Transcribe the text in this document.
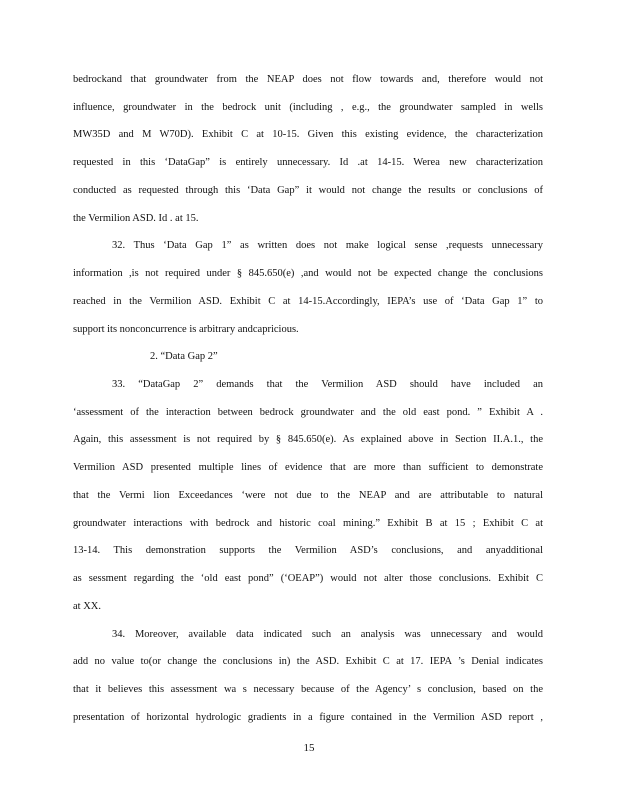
bedrockand that groundwater from the NEAP does not flow towards and, therefore would not
influence, groundwater in the bedrock unit (including , e.g., the groundwater sampled in wells
MW35D and M W70D). Exhibit C at 10-15. Given this existing evidence, the characterization
requested in this ‘DataGap” is entirely unnecessary. Id .at 14-15. Werea new characterization
conducted as requested through this ‘Data Gap” it would not change the results or conclusions of
the Vermilion ASD. Id . at 15.
32. Thus ‘Data Gap 1” as written does not make logical sense ,requests unnecessary
information ,is not required under § 845.650(e) ,and would not be expected change the conclusions
reached in the Vermilion ASD. Exhibit C at 14-15.Accordingly, IEPA’s use of ‘Data Gap 1” to
support its nonconcurrence is arbitrary andcapricious.
2. “Data Gap 2”
33. “DataGap 2” demands that the Vermilion ASD should have included an
‘assessment of the interaction between bedrock groundwater and the old east pond. ” Exhibit A .
Again, this assessment is not required by § 845.650(e). As explained above in Section II.A.1., the
Vermilion ASD presented multiple lines of evidence that are more than sufficient to demonstrate
that the Vermi lion Exceedances ‘were not due to the NEAP and are attributable to natural
groundwater interactions with bedrock and historic coal mining.” Exhibit B at 15 ; Exhibit C at
13-14. This demonstration supports the Vermilion ASD’s conclusions, and anyadditional
as sessment regarding the ‘old east pond” (‘OEAP”) would not alter those conclusions. Exhibit C
at XX.
34. Moreover, available data indicated such an analysis was unnecessary and would
add no value to(or change the conclusions in) the ASD. Exhibit C at 17. IEPA ’s Denial indicates
that it believes this assessment wa s necessary because of the Agency’ s conclusion, based on the
presentation of horizontal hydrologic gradients in a figure contained in the Vermilion ASD report ,
15
